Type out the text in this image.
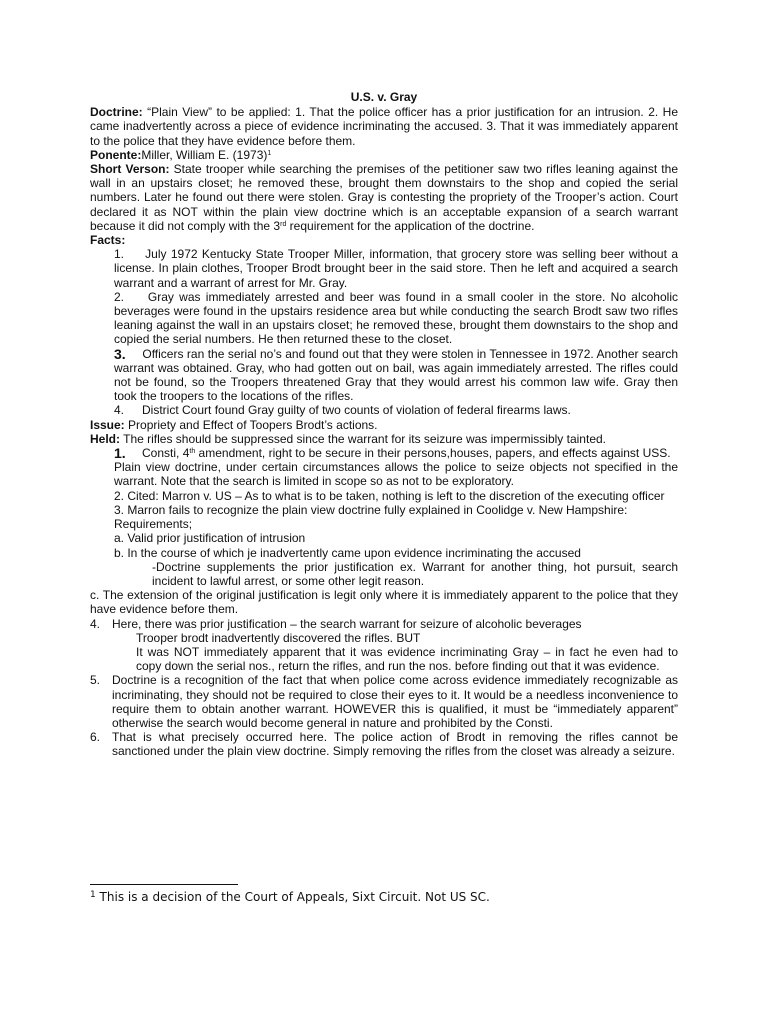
U.S. v. Gray

Doctrine: “Plain View” to be applied: 1. That the police officer has a prior justification for an intrusion. 2. He came inadvertently across a piece of evidence incriminating the accused. 3. That it was immediately apparent to the police that they have evidence before them.

Ponente:Miller, William E. $(1973)^1$

Short Verson: State trooper while searching the premises of the petitioner saw two rifles leaning against the wall in an upstairs closet; he removed these, brought them downstairs to the shop and copied the serial numbers. Later he found out there were stolen. Gray is contesting the propriety of the Trooper’s action. Court declared it as NOT within the plain view doctrine which is an acceptable expansion of a search warrant because it did not comply with the 3rd requirement for the application of the doctrine.

Facts:

1.	July 1972 Kentucky State Trooper Miller, information, that grocery store was selling beer without a license. In plain clothes, Trooper Brodt brought beer in the said store. Then he left and acquired a search warrant and a warrant of arrest for Mr. Gray.
2.	Gray was immediately arrested and beer was found in a small cooler in the store. No alcoholic beverages were found in the upstairs residence area but while conducting the search Brodt saw two rifles leaning against the wall in an upstairs closet; he removed these, brought them downstairs to the shop and copied the serial numbers. He then returned these to the closet.
3.	Officers ran the serial no’s and found out that they were stolen in Tennessee in 1972. Another search warrant was obtained. Gray, who had gotten out on bail, was again immediately arrested. The rifles could not be found, so the Troopers threatened Gray that they would arrest his common law wife. Gray then took the troopers to the locations of the rifles.
4.	District Court found Gray guilty of two counts of violation of federal firearms laws.

Issue: Propriety and Effect of Toopers Brodt’s actions.

Held: The rifles should be suppressed since the warrant for its seizure was impermissibly tainted.

1.	Consti, 4th amendment, right to be secure in their persons,houses, papers, and effects against USS.
Plain view doctrine, under certain circumstances allows the police to seize objects not specified in the warrant. Note that the search is limited in scope so as not to be exploratory.
2. Cited: Marron v. US – As to what is to be taken, nothing is left to the discretion of the executing officer
3. Marron fails to recognize the plain view doctrine fully explained in Coolidge v. New Hampshire:
Requirements;
a. Valid prior justification of intrusion
b. In the course of which je inadvertently came upon evidence incriminating the accused
-Doctrine supplements the prior justification ex. Warrant for another thing, hot pursuit, search incident to lawful arrest, or some other legit reason.
c. The extension of the original justification is legit only where it is immediately apparent to the police that they have evidence before them.
4. Here, there was prior justification – the search warrant for seizure of alcoholic beverages
Trooper brodt inadvertently discovered the rifles. BUT
It was NOT immediately apparent that it was evidence incriminating Gray – in fact he even had to copy down the serial nos., return the rifles, and run the nos. before finding out that it was evidence.
5. Doctrine is a recognition of the fact that when police come across evidence immediately recognizable as incriminating, they should not be required to close their eyes to it. It would be a needless inconvenience to require them to obtain another warrant. HOWEVER this is qualified, it must be “immediately apparent” otherwise the search would become general in nature and prohibited by the Consti.
6. That is what precisely occurred here. The police action of Brodt in removing the rifles cannot be sanctioned under the plain view doctrine. Simply removing the rifles from the closet was already a seizure.
$^1$ This is a decision of the Court of Appeals, Sixt Circuit. Not US SC.
